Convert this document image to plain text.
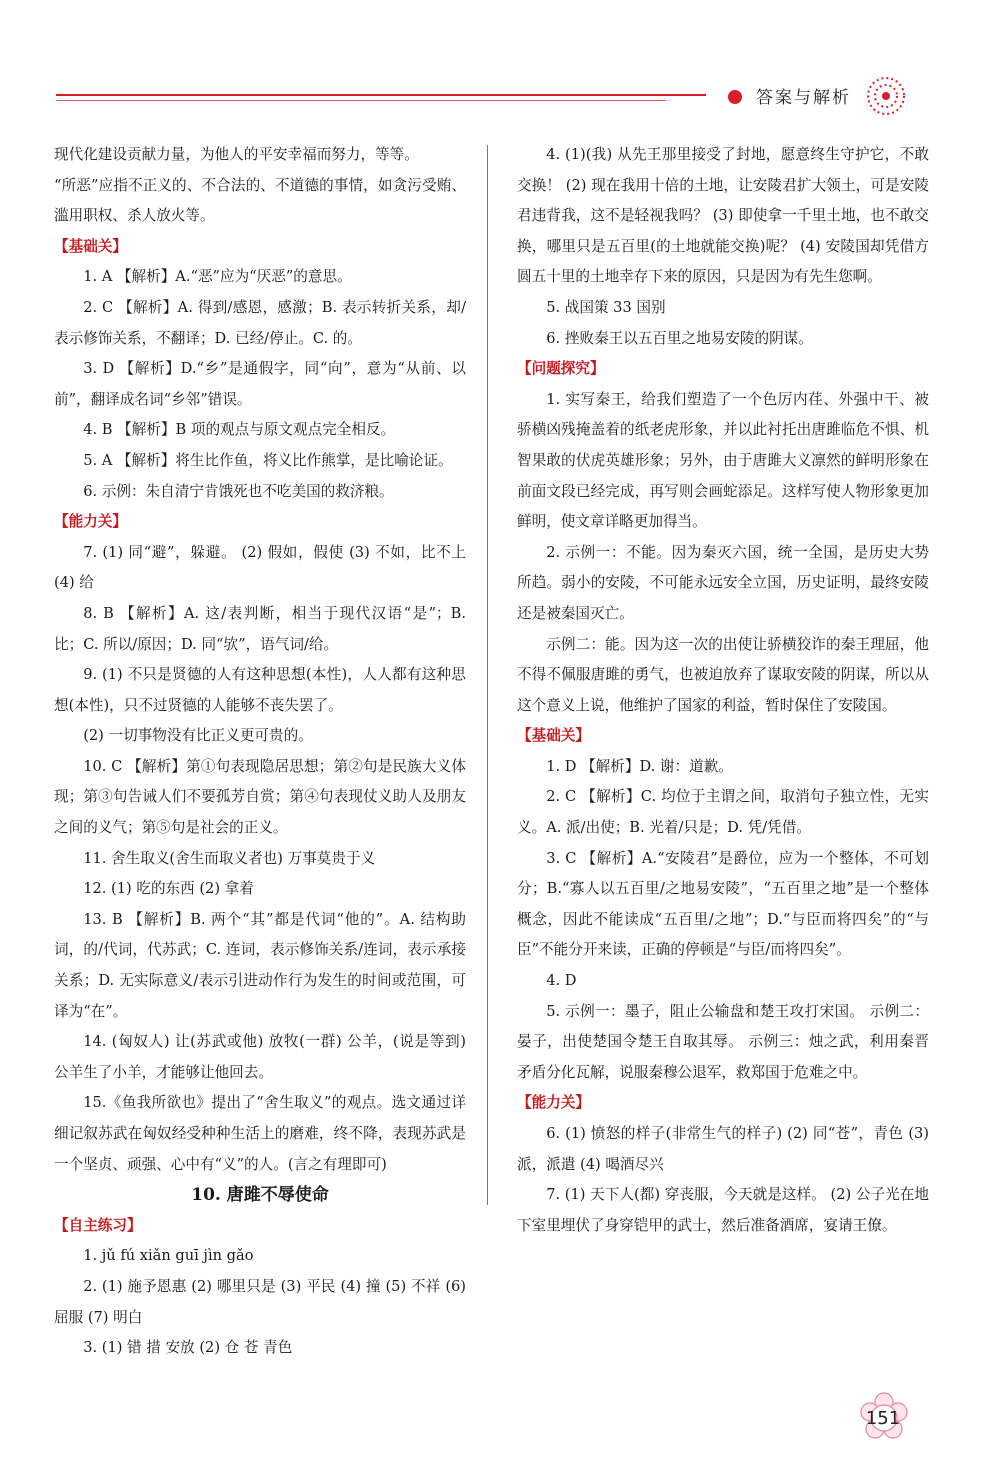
答案与解析
现代化建设贡献力量，为他人的平安幸福而努力，等等。
“所恶”应指不正义的、不合法的、不道德的事情，如贪污受贿、滥用职权、杀人放火等。
【基础关】
1. A 【解析】A.“恶”应为“厌恶”的意思。
2. C 【解析】A. 得到/感恩，感激；B. 表示转折关系，却/表示修饰关系，不翻译；D. 已经/停止。C. 的。
3. D 【解析】D.“乡”是通假字，同“向”，意为“从前、以前”，翻译成名词“乡邻”错误。
4. B 【解析】B 项的观点与原文观点完全相反。
5. A 【解析】将生比作鱼，将义比作熊掌，是比喻论证。
6. 示例：朱自清宁肯饿死也不吃美国的救济粮。
【能力关】
7. (1) 同“避”，躲避。 (2) 假如，假使 (3) 不如，比不上 (4) 给
8. B 【解析】A. 这/表判断，相当于现代汉语“是”；B. 比；C. 所以/原因；D. 同“欤”，语气词/给。
9. (1) 不只是贤德的人有这种思想(本性)，人人都有这种思想(本性)，只不过贤德的人能够不丧失罢了。
(2) 一切事物没有比正义更可贵的。
10. C 【解析】第①句表现隐居思想；第②句是民族大义体现；第③句告诫人们不要孤芳自赏；第④句表现仗义助人及朋友之间的义气；第⑤句是社会的正义。
11. 舍生取义(舍生而取义者也) 万事莫贵于义
12. (1) 吃的东西 (2) 拿着
13. B 【解析】B. 两个“其”都是代词“他的”。A. 结构助词，的/代词，代苏武；C. 连词，表示修饰关系/连词，表示承接关系；D. 无实际意义/表示引进动作行为发生的时间或范围，可译为“在”。
14. (匈奴人) 让(苏武或他) 放牧(一群) 公羊，(说是等到) 公羊生了小羊，才能够让他回去。
15.《鱼我所欲也》提出了“舍生取义”的观点。选文通过详细记叙苏武在匈奴经受种种生活上的磨难，终不降，表现苏武是一个坚贞、顽强、心中有“义”的人。(言之有理即可)
10. 唐雎不辱使命
【自主练习】
1. jǔ fú xiǎn guī jìn gǎo
2. (1) 施予恩惠 (2) 哪里只是 (3) 平民 (4) 撞 (5) 不祥 (6) 屈服 (7) 明白
3. (1) 错 措 安放 (2) 仓 苍 青色
4. (1)(我) 从先王那里接受了封地，愿意终生守护它，不敢交换！ (2) 现在我用十倍的土地，让安陵君扩大领土，可是安陵君违背我，这不是轻视我吗？ (3) 即使拿一千里土地，也不敢交换，哪里只是五百里(的土地就能交换)呢？ (4) 安陵国却凭借方圆五十里的土地幸存下来的原因，只是因为有先生您啊。
5. 战国策 33 国别
6. 挫败秦王以五百里之地易安陵的阴谋。
【问题探究】
1. 实写秦王，给我们塑造了一个色厉内荏、外强中干、被骄横凶残掩盖着的纸老虎形象，并以此衬托出唐雎临危不惧、机智果敢的伏虎英雄形象；另外，由于唐雎大义凛然的鲜明形象在前面文段已经完成，再写则会画蛇添足。这样写使人物形象更加鲜明，使文章详略更加得当。
2. 示例一：不能。因为秦灭六国，统一全国，是历史大势所趋。弱小的安陵，不可能永远安全立国，历史证明，最终安陵还是被秦国灭亡。
示例二：能。因为这一次的出使让骄横狡诈的秦王理屈，他不得不佩服唐雎的勇气，也被迫放弃了谋取安陵的阴谋，所以从这个意义上说，他维护了国家的利益，暂时保住了安陵国。
【基础关】
1. D 【解析】D. 谢：道歉。
2. C 【解析】C. 均位于主谓之间，取消句子独立性，无实义。A. 派/出使；B. 光着/只是；D. 凭/凭借。
3. C 【解析】A.“安陵君”是爵位，应为一个整体，不可划分；B.“寡人以五百里/之地易安陵”，“五百里之地”是一个整体概念，因此不能读成“五百里/之地”；D.“与臣而将四矣”的“与臣”不能分开来读，正确的停顿是“与臣/而将四矣”。
4. D
5. 示例一：墨子，阻止公输盘和楚王攻打宋国。 示例二：晏子，出使楚国令楚王自取其辱。 示例三：烛之武，利用秦晋矛盾分化瓦解，说服秦穆公退军，救郑国于危难之中。
【能力关】
6. (1) 愤怒的样子(非常生气的样子) (2) 同“苍”，青色 (3) 派，派遣 (4) 喝酒尽兴
7. (1) 天下人(都) 穿丧服，今天就是这样。 (2) 公子光在地下室里埋伏了身穿铠甲的武士，然后准备酒席，宴请王僚。
151
